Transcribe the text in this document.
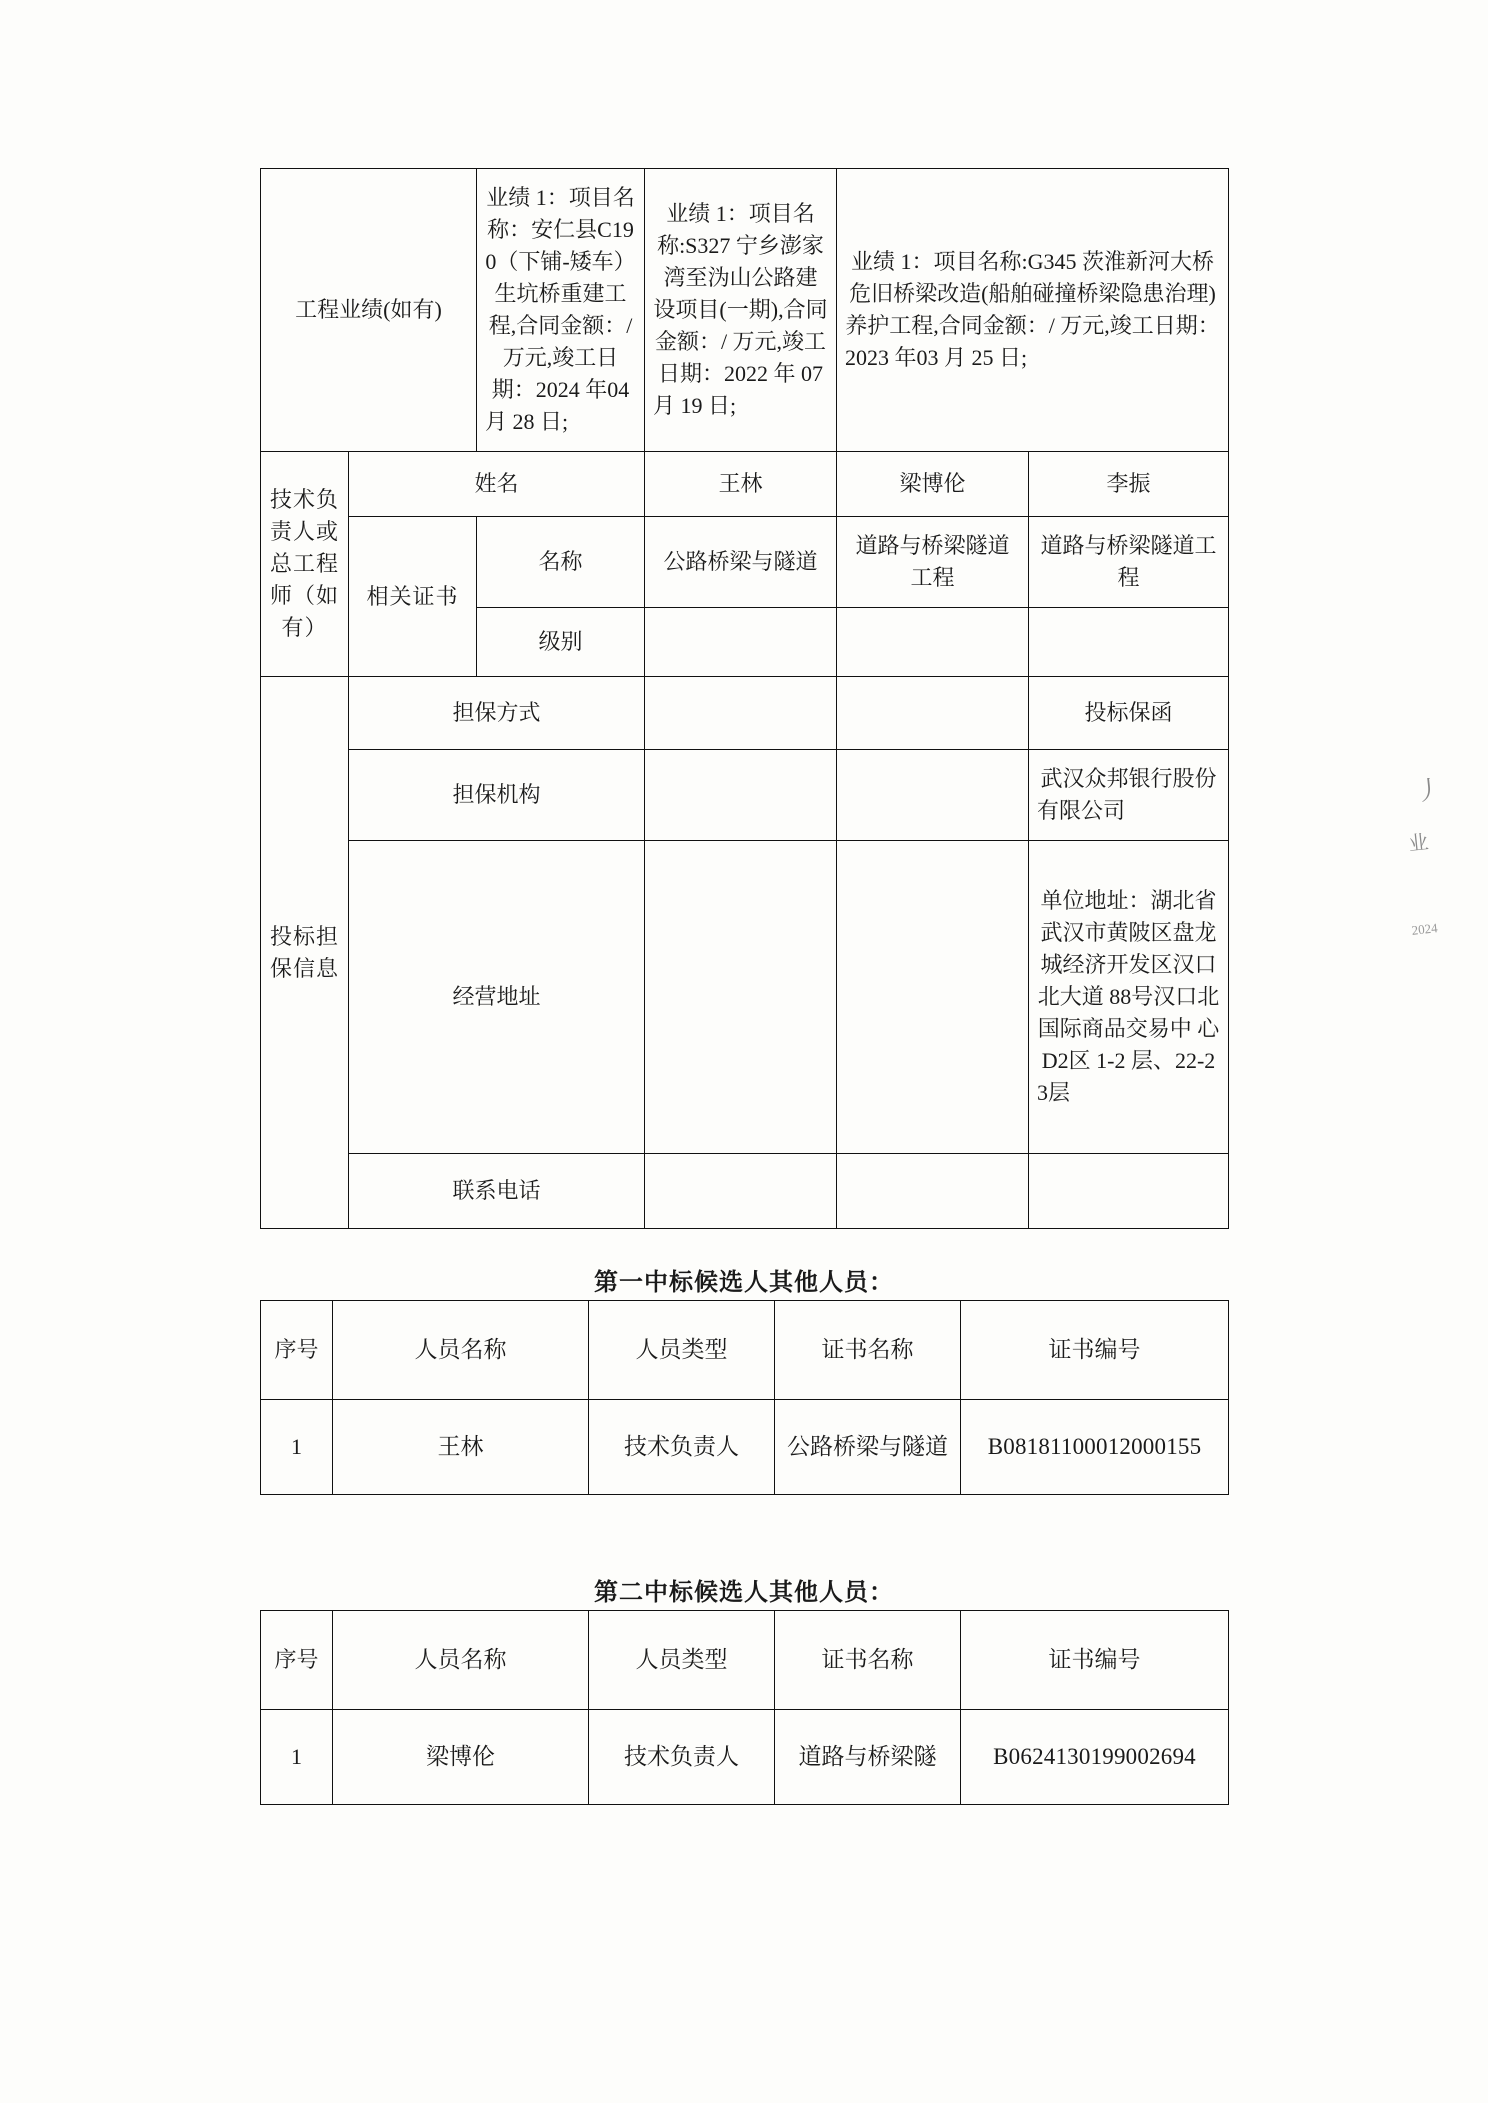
工程业绩(如有)		业绩 1：项目名称：安仁县C190（下铺-矮车）生坑桥重建工程,合同金额：/ 万元,竣工日期：2024 年04 月 28 日;	业绩 1：项目名称:S327 宁乡澎家湾至沩山公路建设项目(一期),合同金额：/ 万元,竣工日期：2022 年 07月 19 日;	业绩 1：项目名称:G345 茨淮新河大桥危旧桥梁改造(船舶碰撞桥梁隐患治理)养护工程,合同金额：/ 万元,竣工日期：2023 年03 月 25 日;	

技术负责人或总工程师（如有）	姓名		王林	梁博伦	李振

	相关证书	名称	公路桥梁与隧道	道路与桥梁隧道工程	道路与桥梁隧道工程

		级别			

投标担保信息	担保方式				投标保函

	担保机构				武汉众邦银行股份有限公司

	经营地址				单位地址：湖北省武汉市黄陂区盘龙城经济开发区汉口北大道 88号汉口北国际商品交易中 心 D2区 1-2 层、22-23层

	联系电话				

第一中标候选人其他人员：
序号	人员名称	人员类型	证书名称	证书编号
1	王林	技术负责人	公路桥梁与隧道	B08181100012000155
第二中标候选人其他人员：
序号	人员名称	人员类型	证书名称	证书编号
1	梁博伦	技术负责人	道路与桥梁隧	B0624130199002694
丿
业
2024
